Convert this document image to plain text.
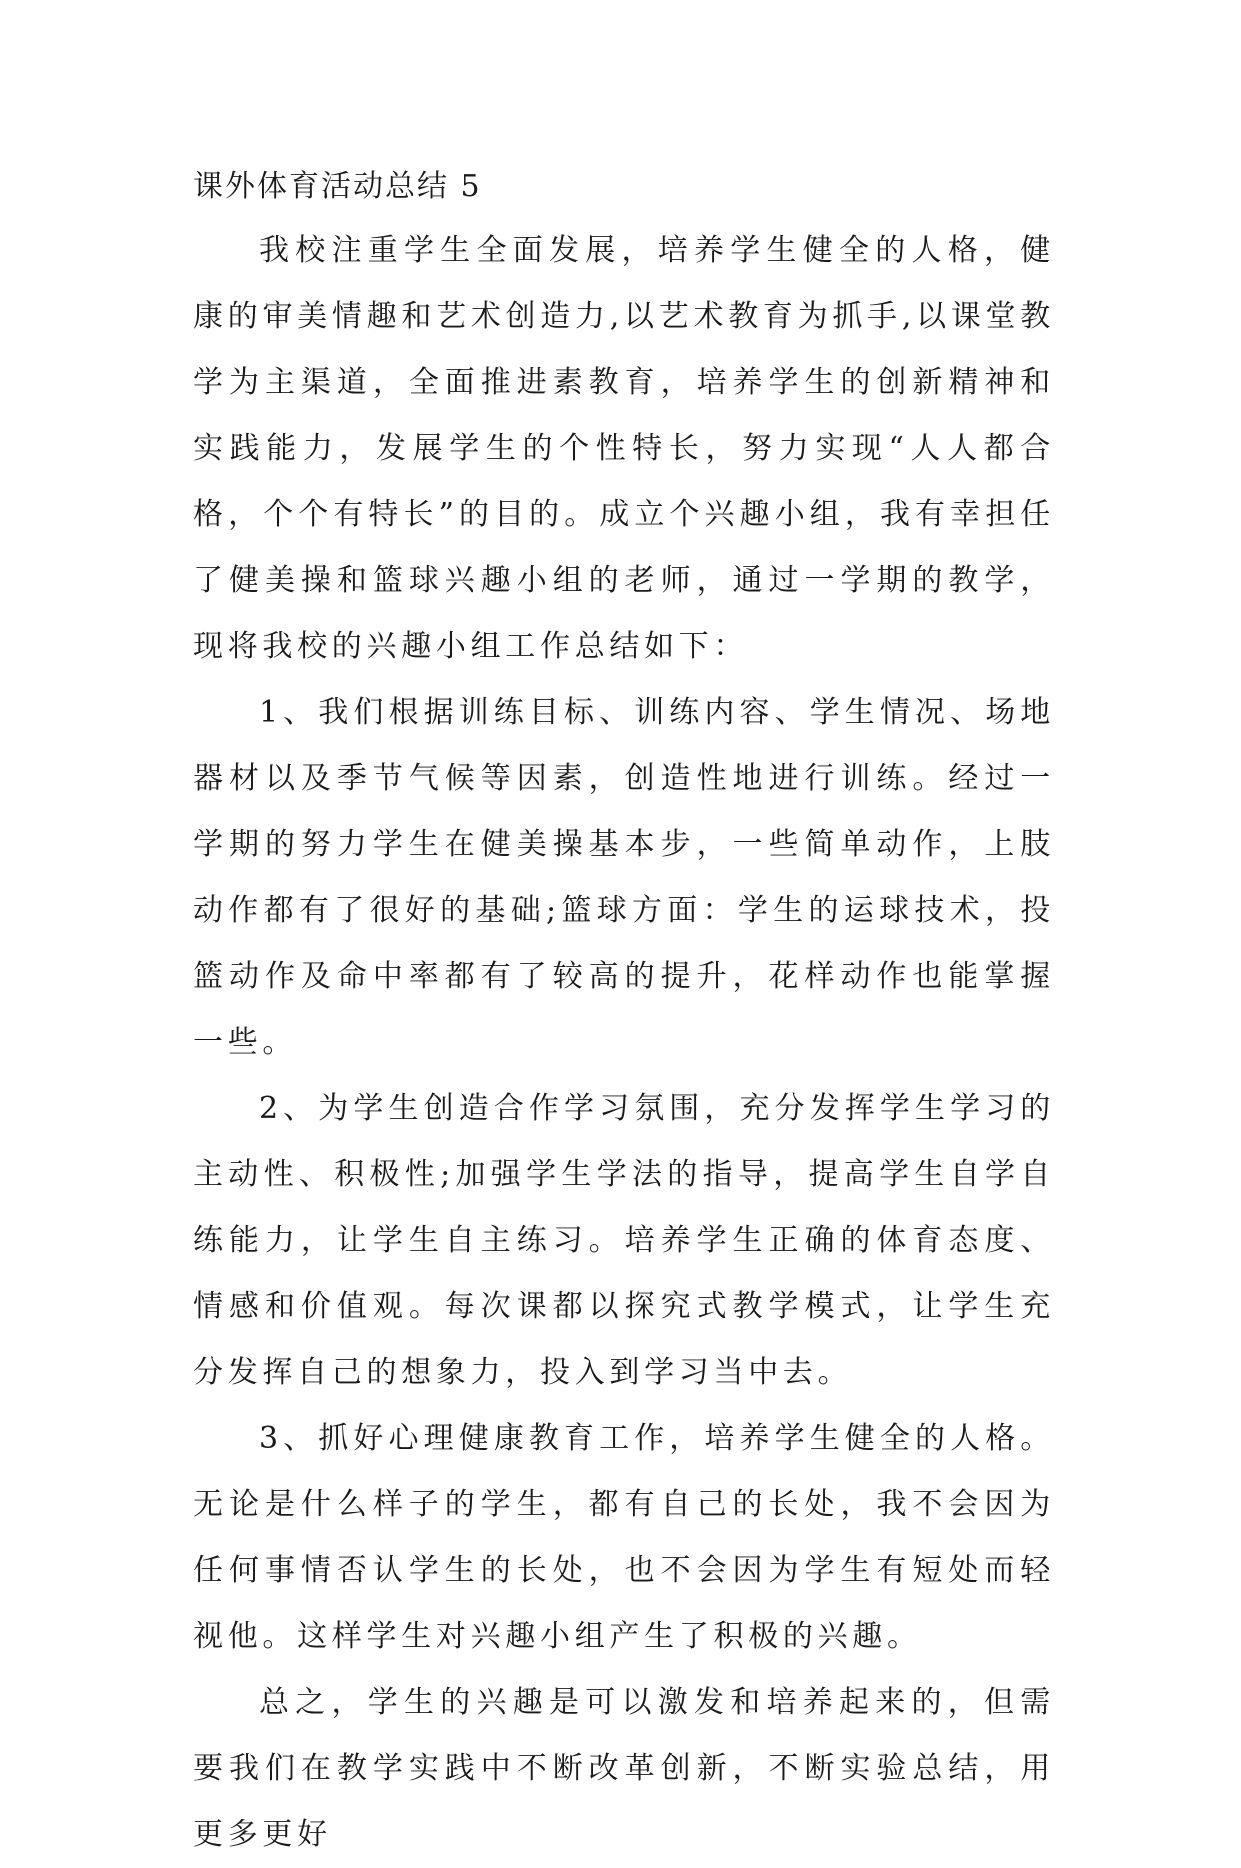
课外体育活动总结 5

我校注重学生全面发展，培养学生健全的人格，健康的审美情趣和艺术创造力,以艺术教育为抓手,以课堂教学为主渠道，全面推进素教育，培养学生的创新精神和实践能力，发展学生的个性特长，努力实现“人人都合格，个个有特长”的目的。成立个兴趣小组，我有幸担任了健美操和篮球兴趣小组的老师，通过一学期的教学，现将我校的兴趣小组工作总结如下：

1、我们根据训练目标、训练内容、学生情况、场地器材以及季节气候等因素，创造性地进行训练。经过一学期的努力学生在健美操基本步，一些简单动作，上肢动作都有了很好的基础;篮球方面：学生的运球技术，投篮动作及命中率都有了较高的提升，花样动作也能掌握一些。

2、为学生创造合作学习氛围，充分发挥学生学习的主动性、积极性;加强学生学法的指导，提高学生自学自练能力，让学生自主练习。培养学生正确的体育态度、情感和价值观。每次课都以探究式教学模式，让学生充分发挥自己的想象力，投入到学习当中去。

3、抓好心理健康教育工作，培养学生健全的人格。无论是什么样子的学生，都有自己的长处，我不会因为任何事情否认学生的长处，也不会因为学生有短处而轻视他。这样学生对兴趣小组产生了积极的兴趣。

总之，学生的兴趣是可以激发和培养起来的，但需要我们在教学实践中不断改革创新，不断实验总结，用更多更好
